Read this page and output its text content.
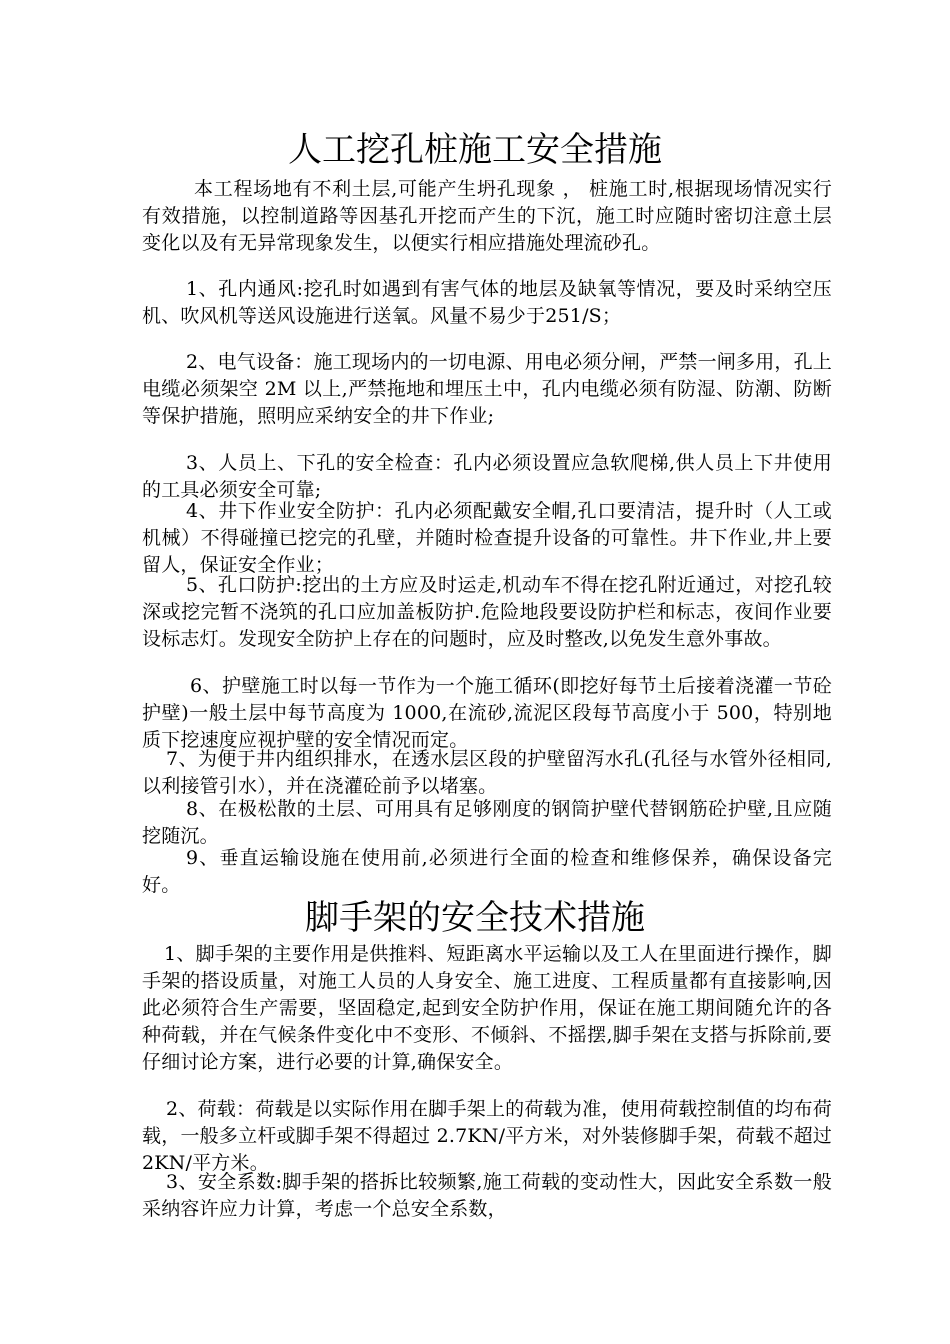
人工挖孔桩施工安全措施
本工程场地有不利土层,可能产生坍孔现象 ， 桩施工时,根据现场情况实行有效措施，以控制道路等因基孔开挖而产生的下沉，施工时应随时密切注意土层变化以及有无异常现象发生，以便实行相应措施处理流砂孔。
1、孔内通风:挖孔时如遇到有害气体的地层及缺氧等情况，要及时采纳空压机、吹风机等送风设施进行送氧。风量不易少于251/S；
2、电气设备：施工现场内的一切电源、用电必须分闸，严禁一闸多用，孔上电缆必须架空 2M 以上,严禁拖地和埋压土中，孔内电缆必须有防湿、防潮、防断等保护措施，照明应采纳安全的井下作业;
3、人员上、下孔的安全检查：孔内必须设置应急软爬梯,供人员上下井使用的工具必须安全可靠;
4、井下作业安全防护：孔内必须配戴安全帽,孔口要清洁，提升时（人工或机械）不得碰撞已挖完的孔壁，并随时检查提升设备的可靠性。井下作业,井上要留人，保证安全作业；
5、孔口防护:挖出的土方应及时运走,机动车不得在挖孔附近通过，对挖孔较深或挖完暂不浇筑的孔口应加盖板防护.危险地段要设防护栏和标志，夜间作业要设标志灯。发现安全防护上存在的问题时，应及时整改,以免发生意外事故。
6、护壁施工时以每一节作为一个施工循环(即挖好每节土后接着浇灌一节砼护壁)一般土层中每节高度为 1000,在流砂,流泥区段每节高度小于 500，特别地质下挖速度应视护壁的安全情况而定。
7、为便于井内组织排水，在透水层区段的护壁留泻水孔(孔径与水管外径相同,以利接管引水），并在浇灌砼前予以堵塞。
8、在极松散的土层、可用具有足够刚度的钢筒护壁代替钢筋砼护壁,且应随挖随沉。
9、垂直运输设施在使用前,必须进行全面的检查和维修保养，确保设备完好。
脚手架的安全技术措施
1、脚手架的主要作用是供推料、短距离水平运输以及工人在里面进行操作，脚手架的搭设质量，对施工人员的人身安全、施工进度、工程质量都有直接影响,因此必须符合生产需要，坚固稳定,起到安全防护作用，保证在施工期间随允许的各种荷载，并在气候条件变化中不变形、不倾斜、不摇摆,脚手架在支搭与拆除前,要仔细讨论方案，进行必要的计算,确保安全。
2、荷载：荷载是以实际作用在脚手架上的荷载为准，使用荷载控制值的均布荷载，一般多立杆或脚手架不得超过 2.7KN/平方米，对外装修脚手架，荷载不超过 2KN/平方米。
3、安全系数:脚手架的搭拆比较频繁,施工荷载的变动性大，因此安全系数一般采纳容许应力计算，考虑一个总安全系数，
